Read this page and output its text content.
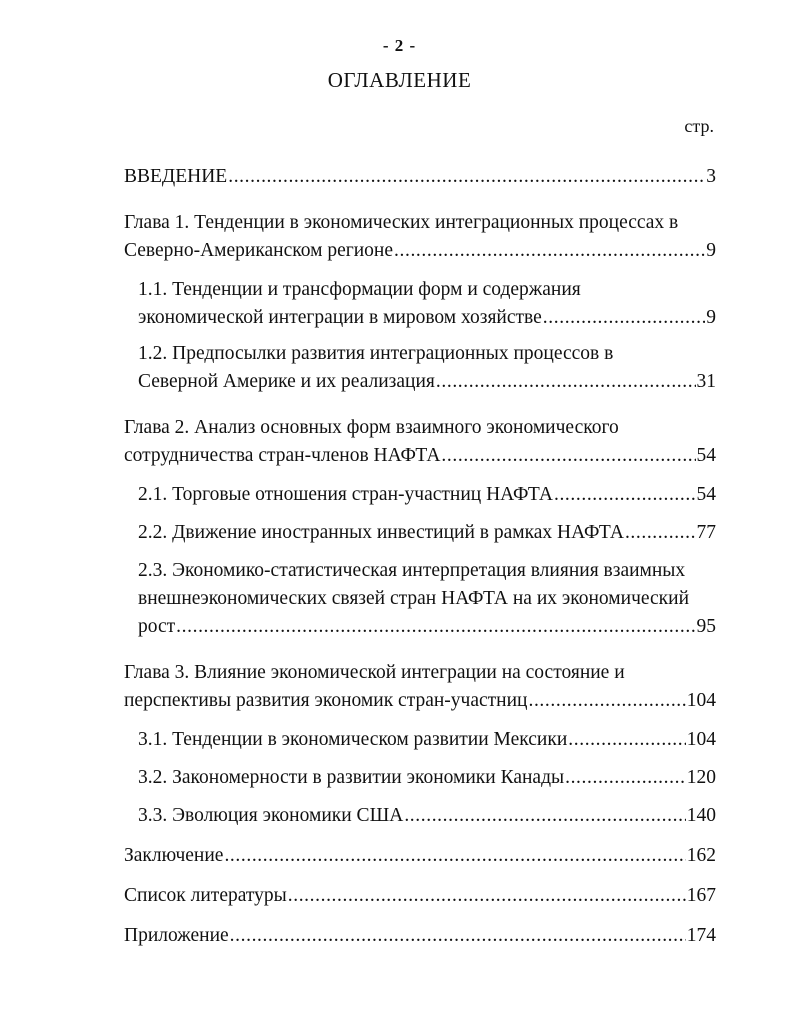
- 2 -
ОГЛАВЛЕНИЕ
стр.
ВВЕДЕНИЕ .....	3
Глава 1. Тенденции в экономических интеграционных процессах в
Северно-Американском регионе .....	9
1.1. Тенденции и трансформации форм и содержания
экономической интеграции в мировом хозяйстве .....	9
1.2. Предпосылки развития интеграционных процессов в
Северной Америке и их реализация .....	31
Глава 2. Анализ основных форм взаимного экономического
сотрудничества стран-членов НАФТА .....	54
2.1. Торговые отношения стран-участниц НАФТА .....	54
2.2. Движение иностранных инвестиций в рамках НАФТА .....	77
2.3. Экономико-статистическая интерпретация влияния взаимных
внешнеэкономических связей стран НАФТА на их экономический
рост .....	95
Глава 3. Влияние экономической интеграции на состояние и
перспективы развития экономик стран-участниц .....	104
3.1. Тенденции в экономическом развитии Мексики .....	104
3.2. Закономерности в развитии экономики Канады .....	120
3.3. Эволюция экономики США .....	140
Заключение .....	162
Список литературы .....	167
Приложение .....	174
